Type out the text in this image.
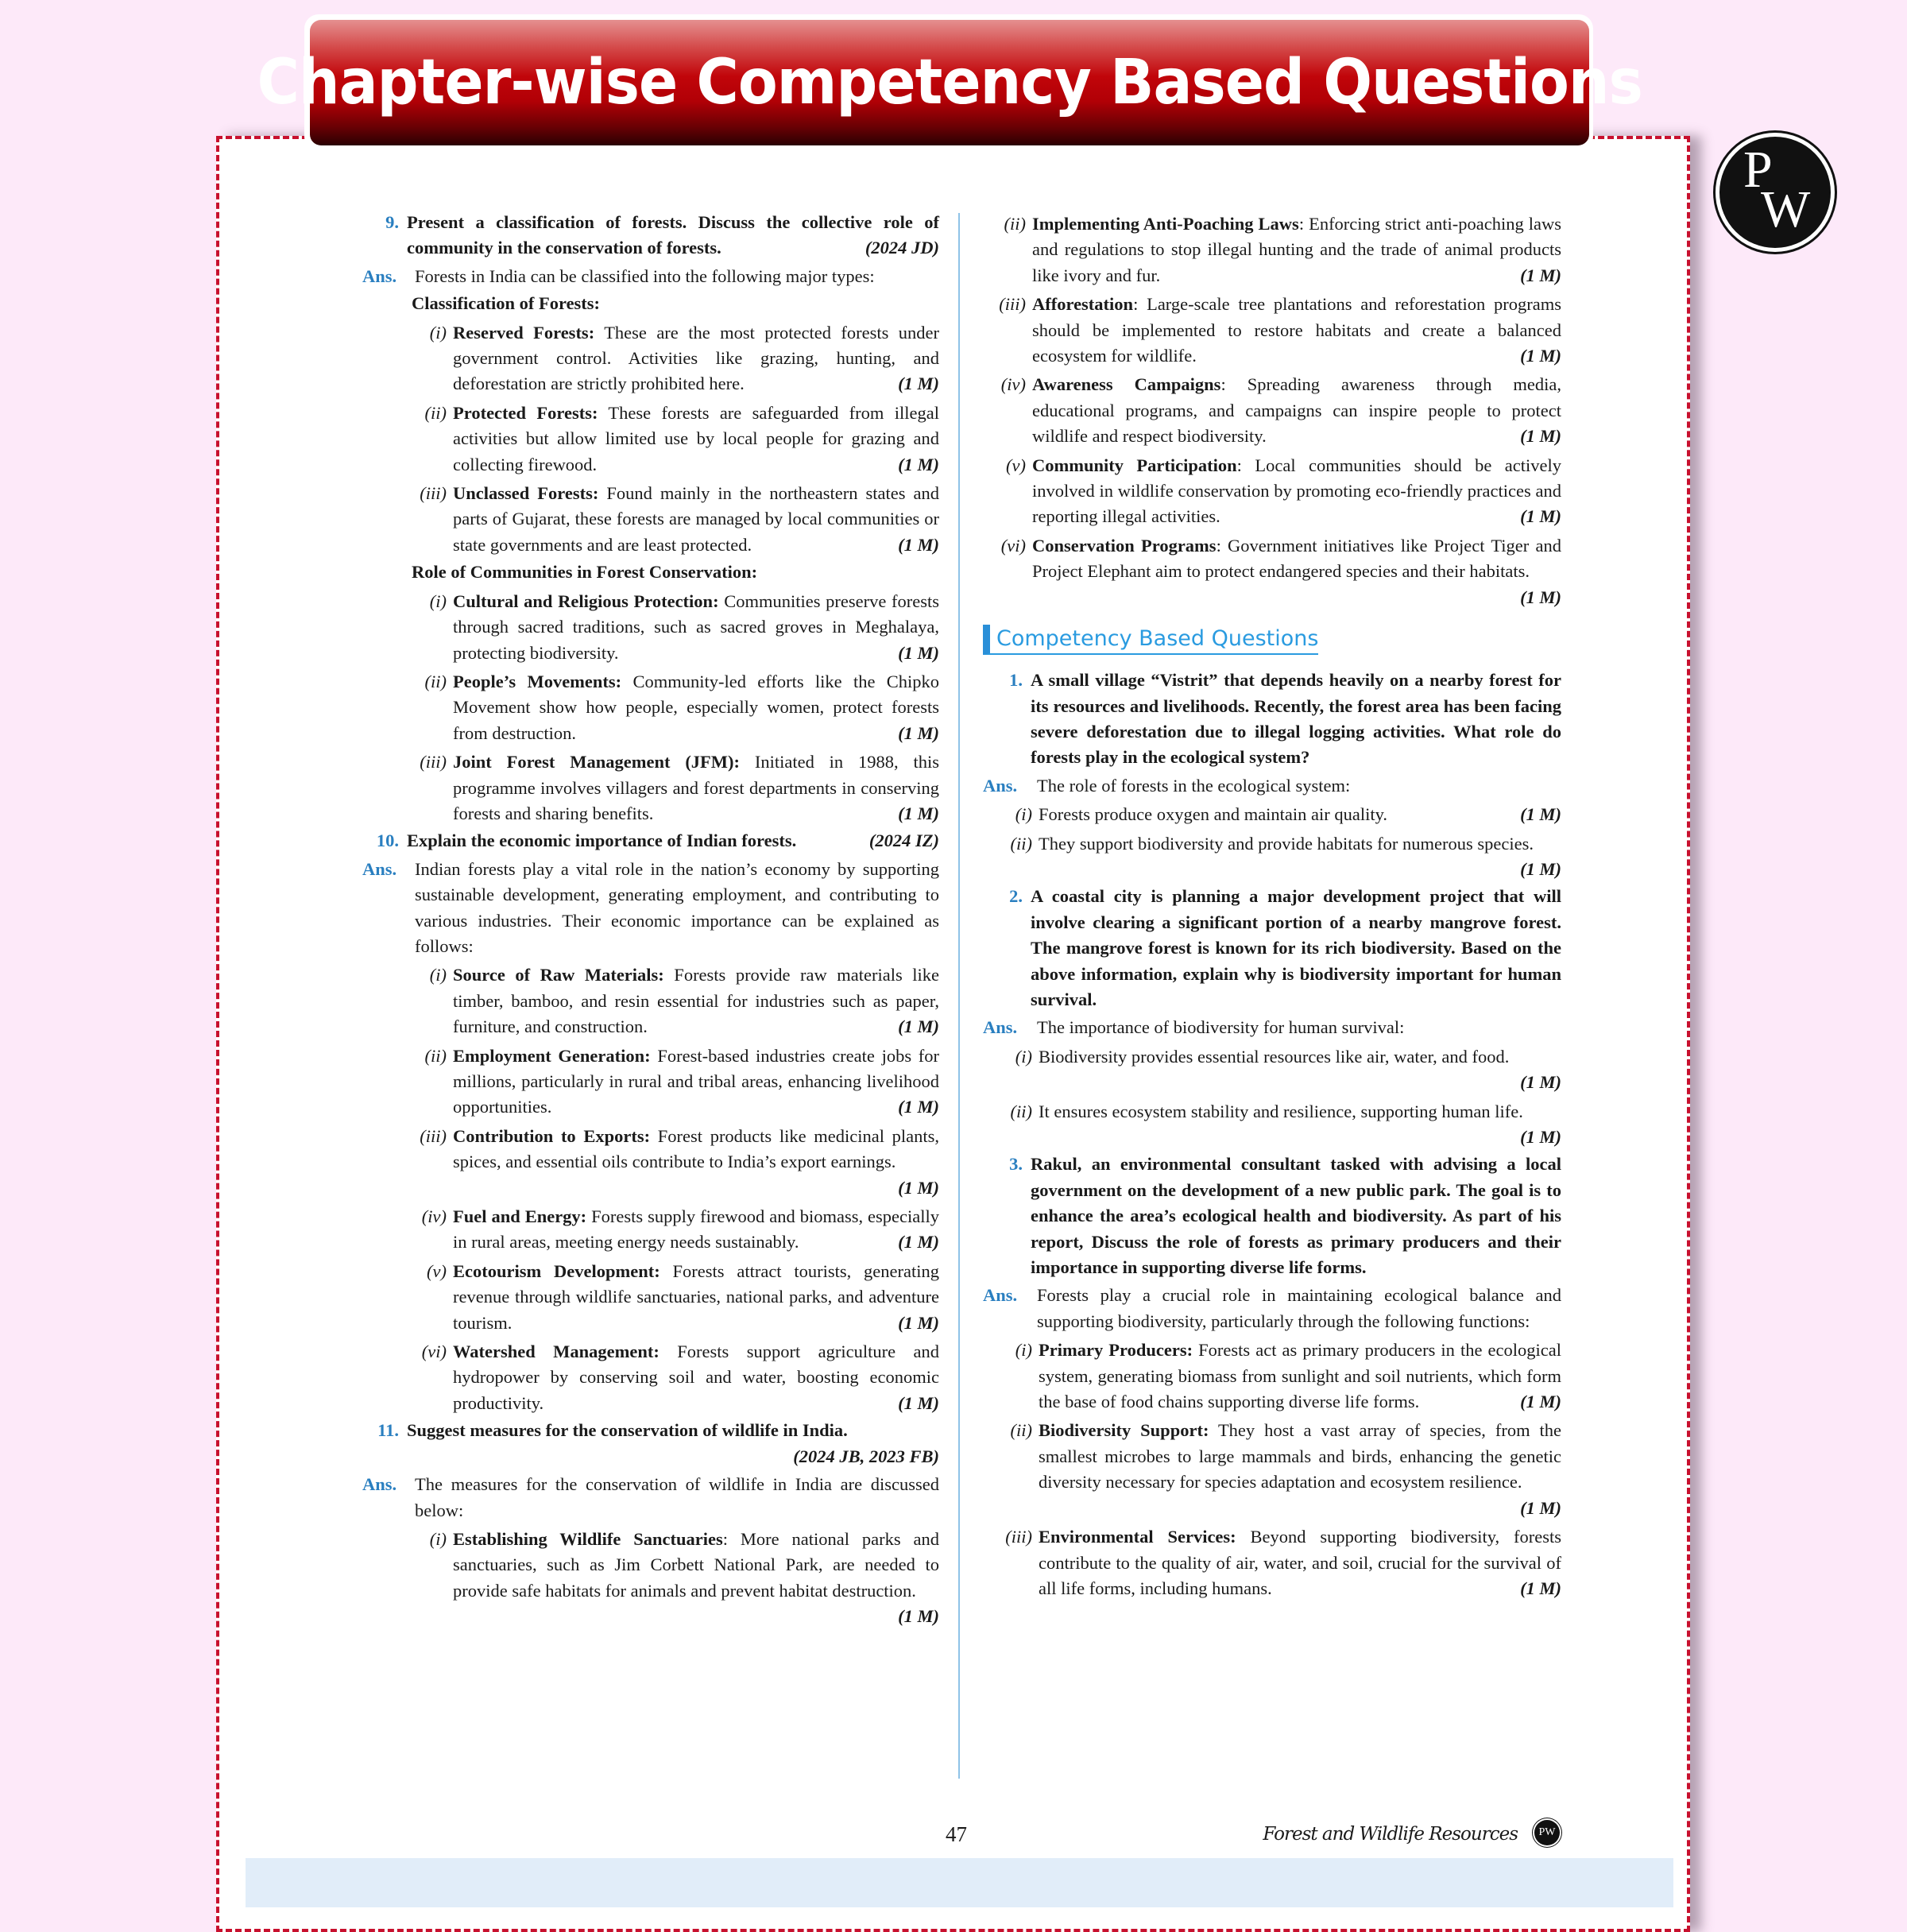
Chapter-wise Competency Based Questions
P
W
9. Present a classification of forests. Discuss the collective role of community in the conservation of forests.	(2024 JD)
Ans.	Forests in India can be classified into the following major types:
Classification of Forests:
(i) Reserved Forests: These are the most protected forests under government control. Activities like grazing, hunting, and deforestation are strictly prohibited here.	(1 M)
(ii) Protected Forests: These forests are safeguarded from illegal activities but allow limited use by local people for grazing and collecting firewood.	(1 M)
(iii) Unclassed Forests: Found mainly in the northeastern states and parts of Gujarat, these forests are managed by local communities or state governments and are least protected.	(1 M)
Role of Communities in Forest Conservation:
(i) Cultural and Religious Protection: Communities preserve forests through sacred traditions, such as sacred groves in Meghalaya, protecting biodiversity.	(1 M)
(ii) People’s Movements: Community-led efforts like the Chipko Movement show how people, especially women, protect forests from destruction.	(1 M)
(iii) Joint Forest Management (JFM): Initiated in 1988, this programme involves villagers and forest departments in conserving forests and sharing benefits.	(1 M)
10. Explain the economic importance of Indian forests.	(2024 IZ)
Ans.	Indian forests play a vital role in the nation’s economy by supporting sustainable development, generating employment, and contributing to various industries. Their economic importance can be explained as follows:
(i) Source of Raw Materials: Forests provide raw materials like timber, bamboo, and resin essential for industries such as paper, furniture, and construction.	(1 M)
(ii) Employment Generation: Forest-based industries create jobs for millions, particularly in rural and tribal areas, enhancing livelihood opportunities.	(1 M)
(iii) Contribution to Exports: Forest products like medicinal plants, spices, and essential oils contribute to India’s export earnings.
(1 M)
(iv) Fuel and Energy: Forests supply firewood and biomass, especially in rural areas, meeting energy needs sustainably.	(1 M)
(v) Ecotourism Development: Forests attract tourists, generating revenue through wildlife sanctuaries, national parks, and adventure tourism.	(1 M)
(vi) Watershed Management: Forests support agriculture and hydropower by conserving soil and water, boosting economic productivity.	(1 M)
11. Suggest measures for the conservation of wildlife in India.
(2024 JB, 2023 FB)
Ans.	The measures for the conservation of wildlife in India are discussed below:
(i) Establishing Wildlife Sanctuaries: More national parks and sanctuaries, such as Jim Corbett National Park, are needed to provide safe habitats for animals and prevent habitat destruction.
(1 M)
(ii) Implementing Anti-Poaching Laws: Enforcing strict anti-poaching laws and regulations to stop illegal hunting and the trade of animal products like ivory and fur.	(1 M)
(iii) Afforestation: Large-scale tree plantations and reforestation programs should be implemented to restore habitats and create a balanced ecosystem for wildlife.	(1 M)
(iv) Awareness Campaigns: Spreading awareness through media, educational programs, and campaigns can inspire people to protect wildlife and respect biodiversity.	(1 M)
(v) Community Participation: Local communities should be actively involved in wildlife conservation by promoting eco-friendly practices and reporting illegal activities.	(1 M)
(vi) Conservation Programs: Government initiatives like Project Tiger and Project Elephant aim to protect endangered species and their habitats.
(1 M)
Competency Based Questions
1. A small village “Vistrit” that depends heavily on a nearby forest for its resources and livelihoods. Recently, the forest area has been facing severe deforestation due to illegal logging activities. What role do forests play in the ecological system?
Ans.	The role of forests in the ecological system:
(i) Forests produce oxygen and maintain air quality.	(1 M)
(ii) They support biodiversity and provide habitats for numerous species.
(1 M)
2. A coastal city is planning a major development project that will involve clearing a significant portion of a nearby mangrove forest. The mangrove forest is known for its rich biodiversity. Based on the above information, explain why is biodiversity important for human survival.
Ans.	The importance of biodiversity for human survival:
(i) Biodiversity provides essential resources like air, water, and food.
(1 M)
(ii) It ensures ecosystem stability and resilience, supporting human life.
(1 M)
3. Rakul, an environmental consultant tasked with advising a local government on the development of a new public park. The goal is to enhance the area’s ecological health and biodiversity. As part of his report, Discuss the role of forests as primary producers and their importance in supporting diverse life forms.
Ans.	Forests play a crucial role in maintaining ecological balance and supporting biodiversity, particularly through the following functions:
(i) Primary Producers: Forests act as primary producers in the ecological system, generating biomass from sunlight and soil nutrients, which form the base of food chains supporting diverse life forms.	(1 M)
(ii) Biodiversity Support: They host a vast array of species, from the smallest microbes to large mammals and birds, enhancing the genetic diversity necessary for species adaptation and ecosystem resilience.
(1 M)
(iii) Environmental Services: Beyond supporting biodiversity, forests contribute to the quality of air, water, and soil, crucial for the survival of all life forms, including humans.	(1 M)
47	Forest and Wildlife Resources	PW
